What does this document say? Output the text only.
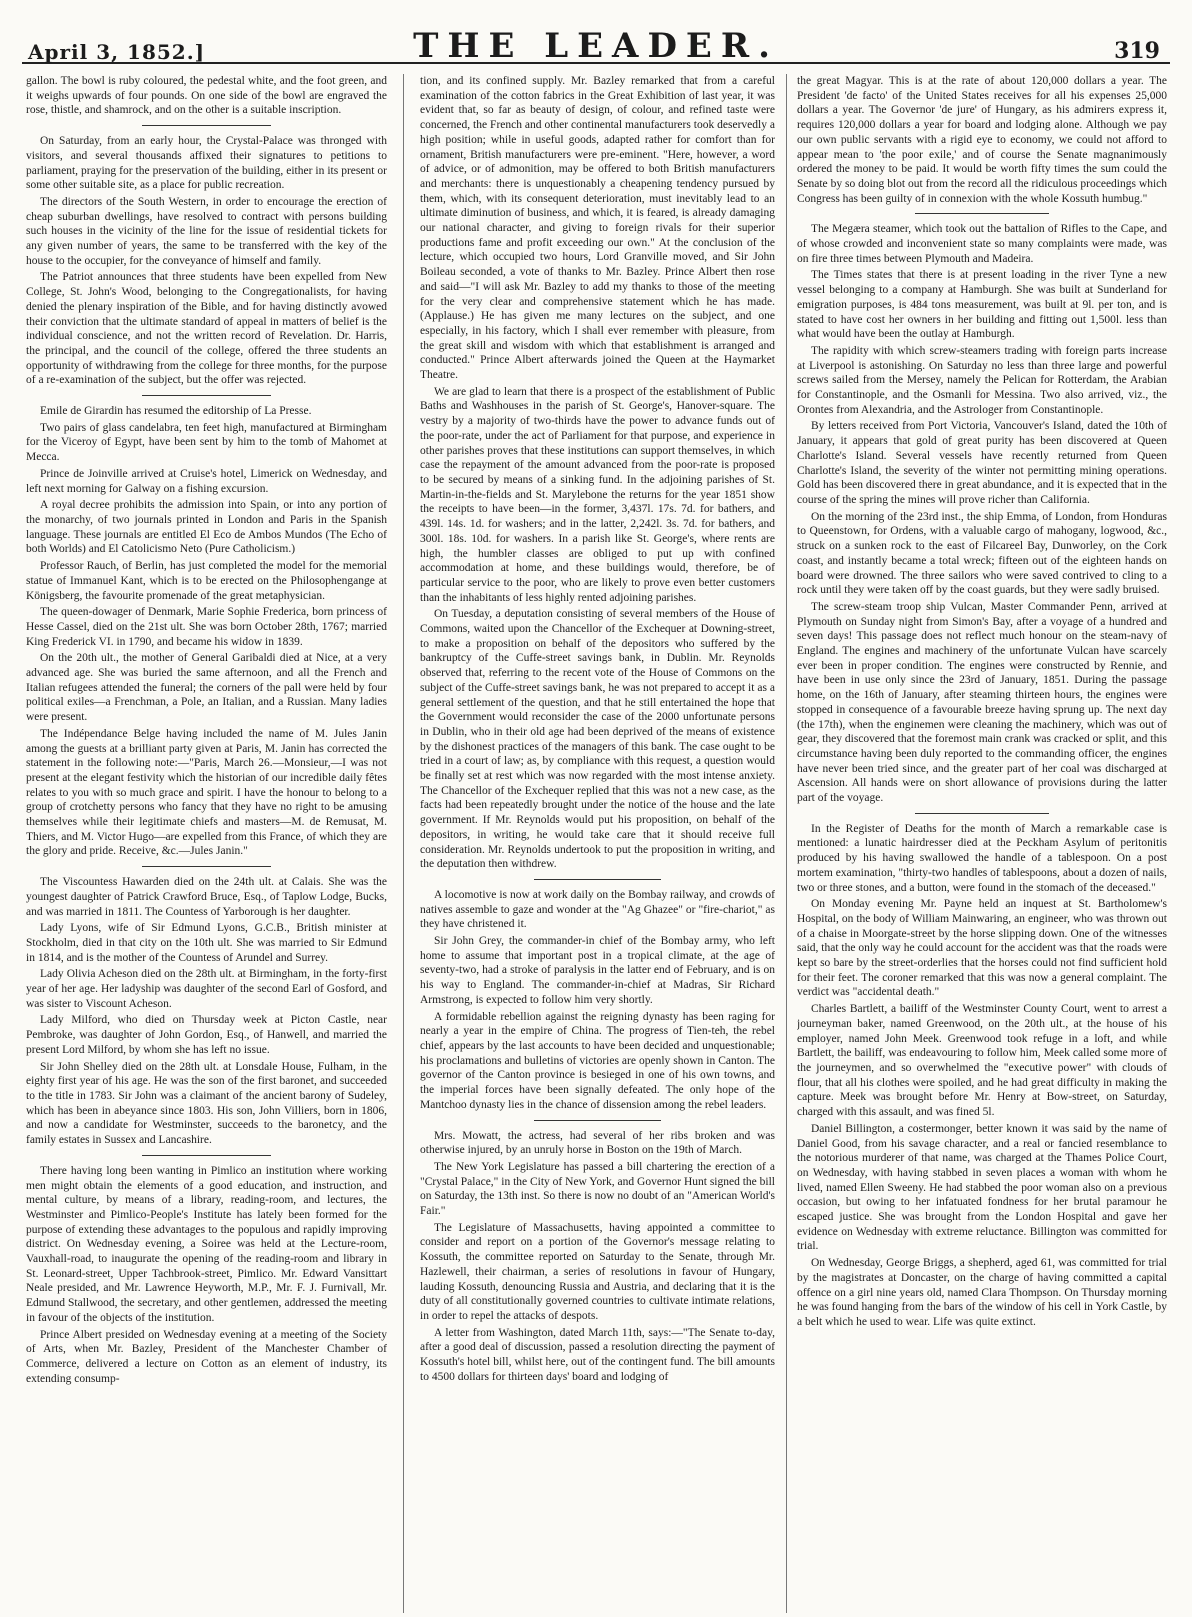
April 3, 1852.]	THE LEADER.	319

gallon. The bowl is ruby coloured, the pedestal white, and the foot green, and it weighs upwards of four pounds. On one side of the bowl are engraved the rose, thistle, and shamrock, and on the other is a suitable inscription.

On Saturday, from an early hour, the Crystal-Palace was thronged with visitors, and several thousands affixed their signatures to petitions to parliament, praying for the preservation of the building, either in its present or some other suitable site, as a place for public recreation.

The directors of the South Western, in order to encourage the erection of cheap suburban dwellings, have resolved to contract with persons building such houses in the vicinity of the line for the issue of residential tickets for any given number of years, the same to be transferred with the key of the house to the occupier, for the conveyance of himself and family.

The Patriot announces that three students have been expelled from New College, St. John's Wood, belonging to the Congregationalists, for having denied the plenary inspiration of the Bible, and for having distinctly avowed their conviction that the ultimate standard of appeal in matters of belief is the individual conscience, and not the written record of Revelation. Dr. Harris, the principal, and the council of the college, offered the three students an opportunity of withdrawing from the college for three months, for the purpose of a re-examination of the subject, but the offer was rejected.

Emile de Girardin has resumed the editorship of La Presse.

Two pairs of glass candelabra, ten feet high, manufactured at Birmingham for the Viceroy of Egypt, have been sent by him to the tomb of Mahomet at Mecca.

Prince de Joinville arrived at Cruise's hotel, Limerick on Wednesday, and left next morning for Galway on a fishing excursion.

A royal decree prohibits the admission into Spain, or into any portion of the monarchy, of two journals printed in London and Paris in the Spanish language. These journals are entitled El Eco de Ambos Mundos (The Echo of both Worlds) and El Catolicismo Neto (Pure Catholicism.)

Professor Rauch, of Berlin, has just completed the model for the memorial statue of Immanuel Kant, which is to be erected on the Philosophengange at Königsberg, the favourite promenade of the great metaphysician.

The queen-dowager of Denmark, Marie Sophie Frederica, born princess of Hesse Cassel, died on the 21st ult. She was born October 28th, 1767; married King Frederick VI. in 1790, and became his widow in 1839.

On the 20th ult., the mother of General Garibaldi died at Nice, at a very advanced age. She was buried the same afternoon, and all the French and Italian refugees attended the funeral; the corners of the pall were held by four political exiles—a Frenchman, a Pole, an Italian, and a Russian. Many ladies were present.

The Indépendance Belge having included the name of M. Jules Janin among the guests at a brilliant party given at Paris, M. Janin has corrected the statement in the following note:—"Paris, March 26.—Monsieur,—I was not present at the elegant festivity which the historian of our incredible daily fêtes relates to you with so much grace and spirit. I have the honour to belong to a group of crotchetty persons who fancy that they have no right to be amusing themselves while their legitimate chiefs and masters—M. de Remusat, M. Thiers, and M. Victor Hugo—are expelled from this France, of which they are the glory and pride. Receive, &c.—Jules Janin."

The Viscountess Hawarden died on the 24th ult. at Calais. She was the youngest daughter of Patrick Crawford Bruce, Esq., of Taplow Lodge, Bucks, and was married in 1811. The Countess of Yarborough is her daughter.

Lady Lyons, wife of Sir Edmund Lyons, G.C.B., British minister at Stockholm, died in that city on the 10th ult. She was married to Sir Edmund in 1814, and is the mother of the Countess of Arundel and Surrey.

Lady Olivia Acheson died on the 28th ult. at Birmingham, in the forty-first year of her age. Her ladyship was daughter of the second Earl of Gosford, and was sister to Viscount Acheson.

Lady Milford, who died on Thursday week at Picton Castle, near Pembroke, was daughter of John Gordon, Esq., of Hanwell, and married the present Lord Milford, by whom she has left no issue.

Sir John Shelley died on the 28th ult. at Lonsdale House, Fulham, in the eighty first year of his age. He was the son of the first baronet, and succeeded to the title in 1783. Sir John was a claimant of the ancient barony of Sudeley, which has been in abeyance since 1803. His son, John Villiers, born in 1806, and now a candidate for Westminster, succeeds to the baronetcy, and the family estates in Sussex and Lancashire.

There having long been wanting in Pimlico an institution where working men might obtain the elements of a good education, and instruction, and mental culture, by means of a library, reading-room, and lectures, the Westminster and Pimlico-People's Institute has lately been formed for the purpose of extending these advantages to the populous and rapidly improving district. On Wednesday evening, a Soiree was held at the Lecture-room, Vauxhall-road, to inaugurate the opening of the reading-room and library in St. Leonard-street, Upper Tachbrook-street, Pimlico. Mr. Edward Vansittart Neale presided, and Mr. Lawrence Heyworth, M.P., Mr. F. J. Furnivall, Mr. Edmund Stallwood, the secretary, and other gentlemen, addressed the meeting in favour of the objects of the institution.

Prince Albert presided on Wednesday evening at a meeting of the Society of Arts, when Mr. Bazley, President of the Manchester Chamber of Commerce, delivered a lecture on Cotton as an element of industry, its extending consump-

tion, and its confined supply. Mr. Bazley remarked that from a careful examination of the cotton fabrics in the Great Exhibition of last year, it was evident that, so far as beauty of design, of colour, and refined taste were concerned, the French and other continental manufacturers took deservedly a high position; while in useful goods, adapted rather for comfort than for ornament, British manufacturers were pre-eminent. "Here, however, a word of advice, or of admonition, may be offered to both British manufacturers and merchants: there is unquestionably a cheapening tendency pursued by them, which, with its consequent deterioration, must inevitably lead to an ultimate diminution of business, and which, it is feared, is already damaging our national character, and giving to foreign rivals for their superior productions fame and profit exceeding our own." At the conclusion of the lecture, which occupied two hours, Lord Granville moved, and Sir John Boileau seconded, a vote of thanks to Mr. Bazley. Prince Albert then rose and said—"I will ask Mr. Bazley to add my thanks to those of the meeting for the very clear and comprehensive statement which he has made. (Applause.) He has given me many lectures on the subject, and one especially, in his factory, which I shall ever remember with pleasure, from the great skill and wisdom with which that establishment is arranged and conducted." Prince Albert afterwards joined the Queen at the Haymarket Theatre.

We are glad to learn that there is a prospect of the establishment of Public Baths and Washhouses in the parish of St. George's, Hanover-square. The vestry by a majority of two-thirds have the power to advance funds out of the poor-rate, under the act of Parliament for that purpose, and experience in other parishes proves that these institutions can support themselves, in which case the repayment of the amount advanced from the poor-rate is proposed to be secured by means of a sinking fund. In the adjoining parishes of St. Martin-in-the-fields and St. Marylebone the returns for the year 1851 show the receipts to have been—in the former, 3,437l. 17s. 7d. for bathers, and 439l. 14s. 1d. for washers; and in the latter, 2,242l. 3s. 7d. for bathers, and 300l. 18s. 10d. for washers. In a parish like St. George's, where rents are high, the humbler classes are obliged to put up with confined accommodation at home, and these buildings would, therefore, be of particular service to the poor, who are likely to prove even better customers than the inhabitants of less highly rented adjoining parishes.

On Tuesday, a deputation consisting of several members of the House of Commons, waited upon the Chancellor of the Exchequer at Downing-street, to make a proposition on behalf of the depositors who suffered by the bankruptcy of the Cuffe-street savings bank, in Dublin. Mr. Reynolds observed that, referring to the recent vote of the House of Commons on the subject of the Cuffe-street savings bank, he was not prepared to accept it as a general settlement of the question, and that he still entertained the hope that the Government would reconsider the case of the 2000 unfortunate persons in Dublin, who in their old age had been deprived of the means of existence by the dishonest practices of the managers of this bank. The case ought to be tried in a court of law; as, by compliance with this request, a question would be finally set at rest which was now regarded with the most intense anxiety. The Chancellor of the Exchequer replied that this was not a new case, as the facts had been repeatedly brought under the notice of the house and the late government. If Mr. Reynolds would put his proposition, on behalf of the depositors, in writing, he would take care that it should receive full consideration. Mr. Reynolds undertook to put the proposition in writing, and the deputation then withdrew.

A locomotive is now at work daily on the Bombay railway, and crowds of natives assemble to gaze and wonder at the "Ag Ghazee" or "fire-chariot," as they have christened it.

Sir John Grey, the commander-in chief of the Bombay army, who left home to assume that important post in a tropical climate, at the age of seventy-two, had a stroke of paralysis in the latter end of February, and is on his way to England. The commander-in-chief at Madras, Sir Richard Armstrong, is expected to follow him very shortly.

A formidable rebellion against the reigning dynasty has been raging for nearly a year in the empire of China. The progress of Tien-teh, the rebel chief, appears by the last accounts to have been decided and unquestionable; his proclamations and bulletins of victories are openly shown in Canton. The governor of the Canton province is besieged in one of his own towns, and the imperial forces have been signally defeated. The only hope of the Mantchoo dynasty lies in the chance of dissension among the rebel leaders.

Mrs. Mowatt, the actress, had several of her ribs broken and was otherwise injured, by an unruly horse in Boston on the 19th of March.

The New York Legislature has passed a bill chartering the erection of a "Crystal Palace," in the City of New York, and Governor Hunt signed the bill on Saturday, the 13th inst. So there is now no doubt of an "American World's Fair."

The Legislature of Massachusetts, having appointed a committee to consider and report on a portion of the Governor's message relating to Kossuth, the committee reported on Saturday to the Senate, through Mr. Hazlewell, their chairman, a series of resolutions in favour of Hungary, lauding Kossuth, denouncing Russia and Austria, and declaring that it is the duty of all constitutionally governed countries to cultivate intimate relations, in order to repel the attacks of despots.

A letter from Washington, dated March 11th, says:—"The Senate to-day, after a good deal of discussion, passed a resolution directing the payment of Kossuth's hotel bill, whilst here, out of the contingent fund. The bill amounts to 4500 dollars for thirteen days' board and lodging of

the great Magyar. This is at the rate of about 120,000 dollars a year. The President 'de facto' of the United States receives for all his expenses 25,000 dollars a year. The Governor 'de jure' of Hungary, as his admirers express it, requires 120,000 dollars a year for board and lodging alone. Although we pay our own public servants with a rigid eye to economy, we could not afford to appear mean to 'the poor exile,' and of course the Senate magnanimously ordered the money to be paid. It would be worth fifty times the sum could the Senate by so doing blot out from the record all the ridiculous proceedings which Congress has been guilty of in connexion with the whole Kossuth humbug."

The Megæra steamer, which took out the battalion of Rifles to the Cape, and of whose crowded and inconvenient state so many complaints were made, was on fire three times between Plymouth and Madeira.

The Times states that there is at present loading in the river Tyne a new vessel belonging to a company at Hamburgh. She was built at Sunderland for emigration purposes, is 484 tons measurement, was built at 9l. per ton, and is stated to have cost her owners in her building and fitting out 1,500l. less than what would have been the outlay at Hamburgh.

The rapidity with which screw-steamers trading with foreign parts increase at Liverpool is astonishing. On Saturday no less than three large and powerful screws sailed from the Mersey, namely the Pelican for Rotterdam, the Arabian for Constantinople, and the Osmanli for Messina. Two also arrived, viz., the Orontes from Alexandria, and the Astrologer from Constantinople.

By letters received from Port Victoria, Vancouver's Island, dated the 10th of January, it appears that gold of great purity has been discovered at Queen Charlotte's Island. Several vessels have recently returned from Queen Charlotte's Island, the severity of the winter not permitting mining operations. Gold has been discovered there in great abundance, and it is expected that in the course of the spring the mines will prove richer than California.

On the morning of the 23rd inst., the ship Emma, of London, from Honduras to Queenstown, for Ordens, with a valuable cargo of mahogany, logwood, &c., struck on a sunken rock to the east of Filcareel Bay, Dunworley, on the Cork coast, and instantly became a total wreck; fifteen out of the eighteen hands on board were drowned. The three sailors who were saved contrived to cling to a rock until they were taken off by the coast guards, but they were sadly bruised.

The screw-steam troop ship Vulcan, Master Commander Penn, arrived at Plymouth on Sunday night from Simon's Bay, after a voyage of a hundred and seven days! This passage does not reflect much honour on the steam-navy of England. The engines and machinery of the unfortunate Vulcan have scarcely ever been in proper condition. The engines were constructed by Rennie, and have been in use only since the 23rd of January, 1851. During the passage home, on the 16th of January, after steaming thirteen hours, the engines were stopped in consequence of a favourable breeze having sprung up. The next day (the 17th), when the enginemen were cleaning the machinery, which was out of gear, they discovered that the foremost main crank was cracked or split, and this circumstance having been duly reported to the commanding officer, the engines have never been tried since, and the greater part of her coal was discharged at Ascension. All hands were on short allowance of provisions during the latter part of the voyage.

In the Register of Deaths for the month of March a remarkable case is mentioned: a lunatic hairdresser died at the Peckham Asylum of peritonitis produced by his having swallowed the handle of a tablespoon. On a post mortem examination, "thirty-two handles of tablespoons, about a dozen of nails, two or three stones, and a button, were found in the stomach of the deceased."

On Monday evening Mr. Payne held an inquest at St. Bartholomew's Hospital, on the body of William Mainwaring, an engineer, who was thrown out of a chaise in Moorgate-street by the horse slipping down. One of the witnesses said, that the only way he could account for the accident was that the roads were kept so bare by the street-orderlies that the horses could not find sufficient hold for their feet. The coroner remarked that this was now a general complaint. The verdict was "accidental death."

Charles Bartlett, a bailiff of the Westminster County Court, went to arrest a journeyman baker, named Greenwood, on the 20th ult., at the house of his employer, named John Meek. Greenwood took refuge in a loft, and while Bartlett, the bailiff, was endeavouring to follow him, Meek called some more of the journeymen, and so overwhelmed the "executive power" with clouds of flour, that all his clothes were spoiled, and he had great difficulty in making the capture. Meek was brought before Mr. Henry at Bow-street, on Saturday, charged with this assault, and was fined 5l.

Daniel Billington, a costermonger, better known it was said by the name of Daniel Good, from his savage character, and a real or fancied resemblance to the notorious murderer of that name, was charged at the Thames Police Court, on Wednesday, with having stabbed in seven places a woman with whom he lived, named Ellen Sweeny. He had stabbed the poor woman also on a previous occasion, but owing to her infatuated fondness for her brutal paramour he escaped justice. She was brought from the London Hospital and gave her evidence on Wednesday with extreme reluctance. Billington was committed for trial.

On Wednesday, George Briggs, a shepherd, aged 61, was committed for trial by the magistrates at Doncaster, on the charge of having committed a capital offence on a girl nine years old, named Clara Thompson. On Thursday morning he was found hanging from the bars of the window of his cell in York Castle, by a belt which he used to wear. Life was quite extinct.
